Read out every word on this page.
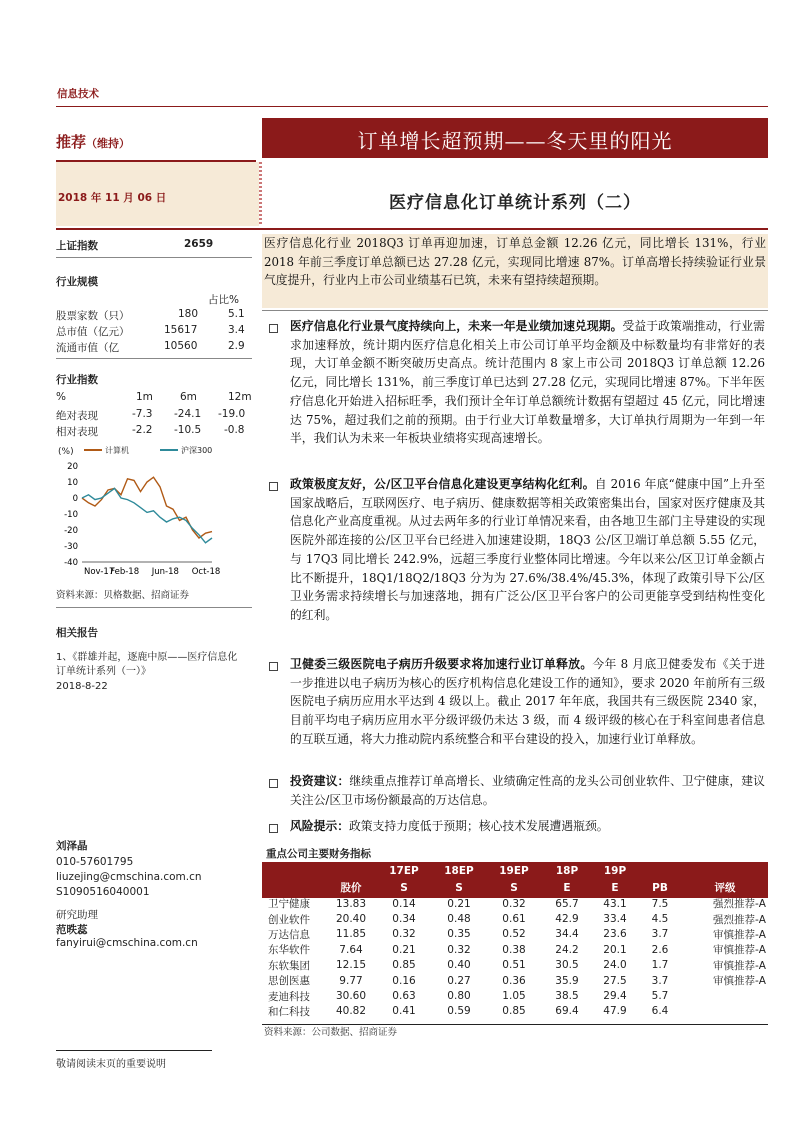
信息技术
推荐（维持）	订单增长超预期——冬天里的阳光
2018 年 11 月 06 日	医疗信息化订单统计系列（二）
上证指数	2659
行业规模
占比%
股票家数（只）	180	5.1
总市值（亿元）	15617	3.4
流通市值（亿	10560	2.9
行业指数
%	1m	6m	12m
绝对表现	-7.3 -24.1 -19.0
相对表现	-2.2 -10.5 -0.8
(%)	计算机	沪深300
20
10
0
-10
-20
-30
-40
Nov-17
Feb-18 Jun-18 Oct-18
资料来源：贝格数据、招商证券
相关报告
1、《群雄并起，逐鹿中原——医疗信息化订单统计系列（一）》
2018-8-22
刘泽晶
010-57601795
liuzejing@cmschina.com.cn
S1090516040001
研究助理
范昳蕊
fanyirui@cmschina.com.cn
医疗信息化行业 2018Q3 订单再迎加速，订单总金额 12.26 亿元，同比增长 131%，行业 2018 年前三季度订单总额已达 27.28 亿元，实现同比增速 87%。订单高增长持续验证行业景气度提升，行业内上市公司业绩基石已筑，未来有望持续超预期。
医疗信息化行业景气度持续向上，未来一年是业绩加速兑现期。受益于政策端推动，行业需求加速释放，统计期内医疗信息化相关上市公司订单平均金额及中标数量均有非常好的表现，大订单金额不断突破历史高点。统计范围内 8 家上市公司 2018Q3 订单总额 12.26 亿元，同比增长 131%，前三季度订单已达到 27.28 亿元，实现同比增速 87%。下半年医疗信息化开始进入招标旺季，我们预计全年订单总额统计数据有望超过 45 亿元，同比增速达 75%，超过我们之前的预期。由于行业大订单数量增多，大订单执行周期为一年到一年半，我们认为未来一年板块业绩将实现高速增长。
政策极度友好，公/区卫平台信息化建设更享结构化红利。自 2016 年底“健康中国”上升至国家战略后，互联网医疗、电子病历、健康数据等相关政策密集出台，国家对医疗健康及其信息化产业高度重视。从过去两年多的行业订单情况来看，由各地卫生部门主导建设的实现医院外部连接的公/区卫平台已经进入加速建设期，18Q3 公/区卫端订单总额 5.55 亿元，与 17Q3 同比增长 242.9%，远超三季度行业整体同比增速。今年以来公/区卫订单金额占比不断提升，18Q1/18Q2/18Q3 分为为 27.6%/38.4%/45.3%，体现了政策引导下公/区卫业务需求持续增长与加速落地，拥有广泛公/区卫平台客户的公司更能享受到结构性变化的红利。
卫健委三级医院电子病历升级要求将加速行业订单释放。今年 8 月底卫健委发布《关于进一步推进以电子病历为核心的医疗机构信息化建设工作的通知》，要求 2020 年前所有三级医院电子病历应用水平达到 4 级以上。截止 2017 年年底，我国共有三级医院 2340 家，目前平均电子病历应用水平分级评级仍未达 3 级，而 4 级评级的核心在于科室间患者信息的互联互通，将大力推动院内系统整合和平台建设的投入，加速行业订单释放。
投资建议：继续重点推荐订单高增长、业绩确定性高的龙头公司创业软件、卫宁健康，建议关注公/区卫市场份额最高的万达信息。
风险提示：政策支持力度低于预期；核心技术发展遭遇瓶颈。
重点公司主要财务指标
		17EP	18EP	19EP	18P	19P		
	股价	S	S	S	E	E	PB	评级
卫宁健康	13.83	0.14	0.21	0.32	65.7	43.1	7.5	强烈推荐-A
创业软件	20.40	0.34	0.48	0.61	42.9	33.4	4.5	强烈推荐-A
万达信息	11.85	0.32	0.35	0.52	34.4	23.6	3.7	审慎推荐-A
东华软件	7.64	0.21	0.32	0.38	24.2	20.1	2.6	审慎推荐-A
东软集团	12.15	0.85	0.40	0.51	30.5	24.0	1.7	审慎推荐-A
思创医惠	9.77	0.16	0.27	0.36	35.9	27.5	3.7	审慎推荐-A
麦迪科技	30.60	0.63	0.80	1.05	38.5	29.4	5.7	
和仁科技	40.82	0.41	0.59	0.85	69.4	47.9	6.4	
资料来源：公司数据、招商证券
敬请阅读末页的重要说明
